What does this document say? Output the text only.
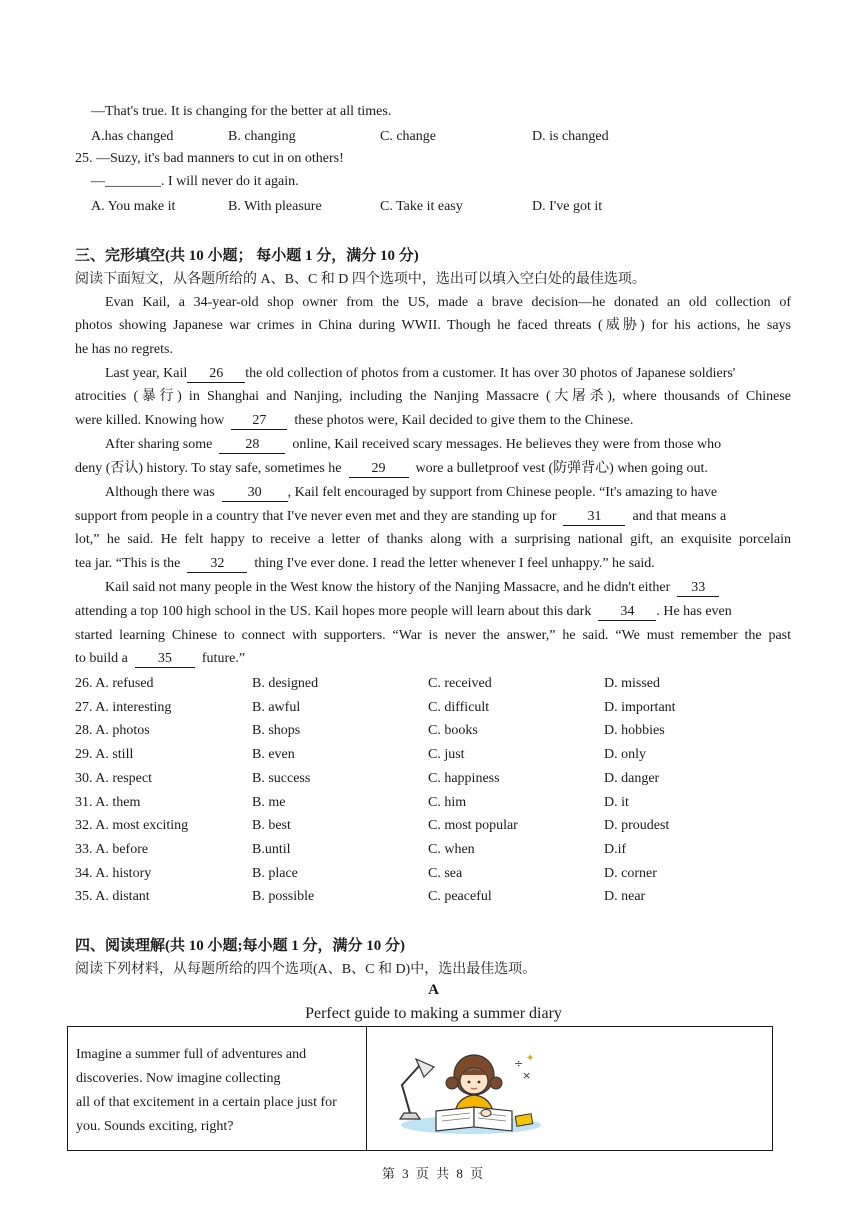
—That's true. It is changing for the better at all times.
A.has changed	B. changing	C. change	D. is changed
25. —Suzy, it's bad manners to cut in on others!
—________. I will never do it again.
A. You make it	B. With pleasure	C. Take it easy	D. I've got it
三、完形填空(共 10 小题； 每小题 1 分，满分 10 分)
阅读下面短文，从各题所给的 A、B、C 和 D 四个选项中，选出可以填入空白处的最佳选项。
Evan Kail, a 34-year-old shop owner from the US, made a brave decision—he donated an old collection of
photos showing Japanese war crimes in China during WWII. Though he faced threats (威胁) for his actions, he says
he has no regrets.
Last year, Kail 26 the old collection of photos from a customer. It has over 30 photos of Japanese soldiers'
atrocities (暴行) in Shanghai and Nanjing, including the Nanjing Massacre (大屠杀), where thousands of Chinese
were killed. Knowing how 27 these photos were, Kail decided to give them to the Chinese.
After sharing some 28 online, Kail received scary messages. He believes they were from those who
deny (否认) history. To stay safe, sometimes he 29 wore a bulletproof vest (防弹背心) when going out.
Although there was 30 , Kail felt encouraged by support from Chinese people. “It's amazing to have
support from people in a country that I've never even met and they are standing up for 31 and that means a
lot,” he said. He felt happy to receive a letter of thanks along with a surprising national gift, an exquisite porcelain
tea jar. “This is the 32 thing I've ever done. I read the letter whenever I feel unhappy.” he said.
Kail said not many people in the West know the history of the Nanjing Massacre, and he didn't either 33
attending a top 100 high school in the US. Kail hopes more people will learn about this dark 34 . He has even
started learning Chinese to connect with supporters. “War is never the answer,” he said. “We must remember the past
to build a 35 future.”
26. A. refused	B. designed	C. received	D. missed
27. A. interesting	B. awful	C. difficult	D. important
28. A. photos	B. shops	C. books	D. hobbies
29. A. still	B. even	C. just	D. only
30. A. respect	B. success	C. happiness	D. danger
31. A. them	B. me	C. him	D. it
32. A. most exciting	B. best	C. most popular	D. proudest
33. A. before	B.until	C. when	D.if
34. A. history	B. place	C. sea	D. corner
35. A. distant	B. possible	C. peaceful	D. near
四、阅读理解(共 10 小题;每小题 1 分，满分 10 分)
阅读下列材料，从每题所给的四个选项(A、B、C 和 D)中，选出最佳选项。
A
Perfect guide to making a summer diary
Imagine a summer full of adventures and
discoveries. Now imagine collecting
all of that excitement in a certain place just for
you. Sounds exciting, right?
÷ ✦
×
第 3 页 共 8 页
